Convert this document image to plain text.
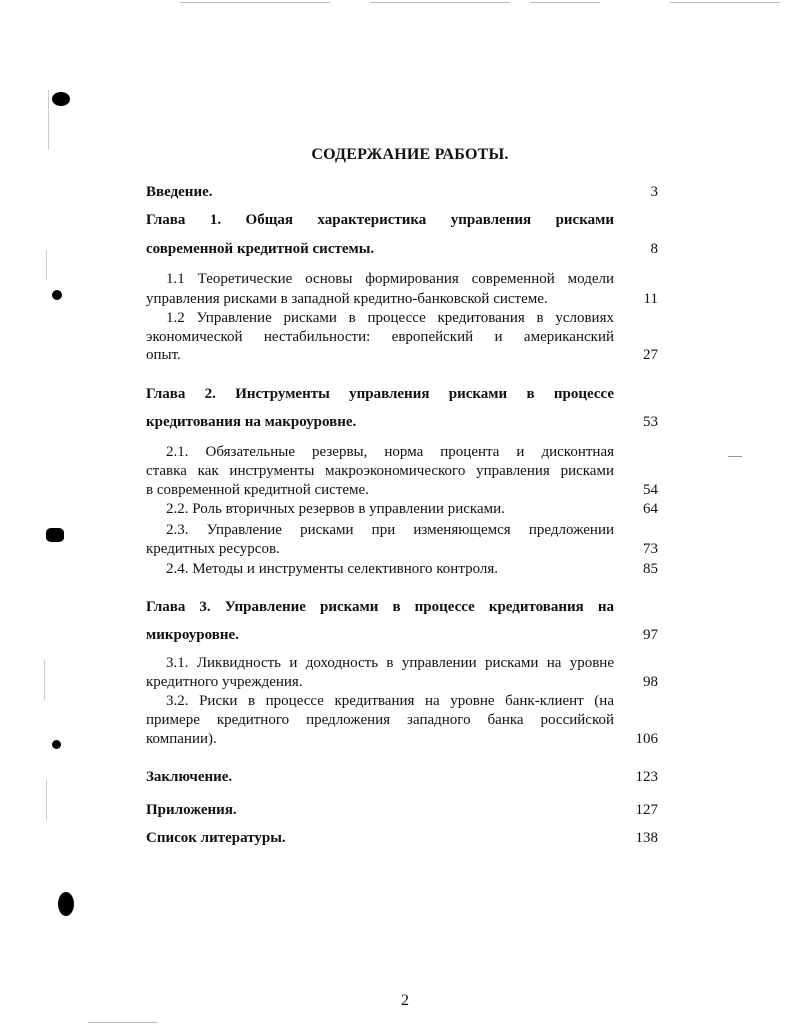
СОДЕРЖАНИЕ РАБОТЫ.
Введение.	3
Глава 1. Общая характеристика управления рисками
современной кредитной системы.	8
1.1 Теоретические основы формирования современной модели
управления рисками в западной кредитно-банковской системе.	11
1.2 Управление рисками в процессе кредитования в условиях
экономической нестабильности: европейский и американский
опыт.	27
Глава 2. Инструменты управления рисками в процессе
кредитования на макроуровне.	53
2.1. Обязательные резервы, норма процента и дисконтная
ставка как инструменты макроэкономического управления рисками
в современной кредитной системе.	54
2.2. Роль вторичных резервов в управлении рисками.	64
2.3. Управление рисками при изменяющемся предложении
кредитных ресурсов.	73
2.4. Методы и инструменты селективного контроля.	85
Глава 3. Управление рисками в процессе кредитования на
микроуровне.	97
3.1. Ликвидность и доходность в управлении рисками на уровне
кредитного учреждения.	98
3.2. Риски в процессе кредитвания на уровне банк-клиент (на
примере кредитного предложения западного банка российской
компании).	106
Заключение.	123
Приложения.	127
Список литературы.	138
2
